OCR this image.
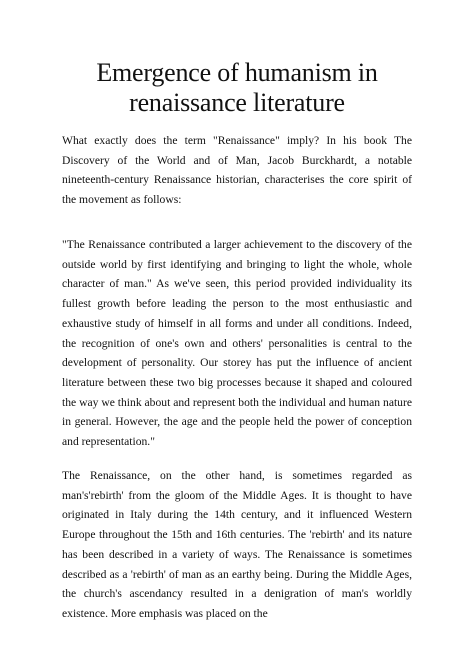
Emergence of humanism in renaissance literature

What exactly does the term "Renaissance" imply? In his book The Discovery of the World and of Man, Jacob Burckhardt, a notable nineteenth-century Renaissance historian, characterises the core spirit of the movement as follows:

"The Renaissance contributed a larger achievement to the discovery of the outside world by first identifying and bringing to light the whole, whole character of man." As we've seen, this period provided individuality its fullest growth before leading the person to the most enthusiastic and exhaustive study of himself in all forms and under all conditions. Indeed, the recognition of one's own and others' personalities is central to the development of personality. Our storey has put the influence of ancient literature between these two big processes because it shaped and coloured the way we think about and represent both the individual and human nature in general. However, the age and the people held the power of conception and representation."

The Renaissance, on the other hand, is sometimes regarded as man's'rebirth' from the gloom of the Middle Ages. It is thought to have originated in Italy during the 14th century, and it influenced Western Europe throughout the 15th and 16th centuries. The 'rebirth' and its nature has been described in a variety of ways. The Renaissance is sometimes described as a 'rebirth' of man as an earthy being. During the Middle Ages, the church's ascendancy resulted in a denigration of man's worldly existence. More emphasis was placed on the
